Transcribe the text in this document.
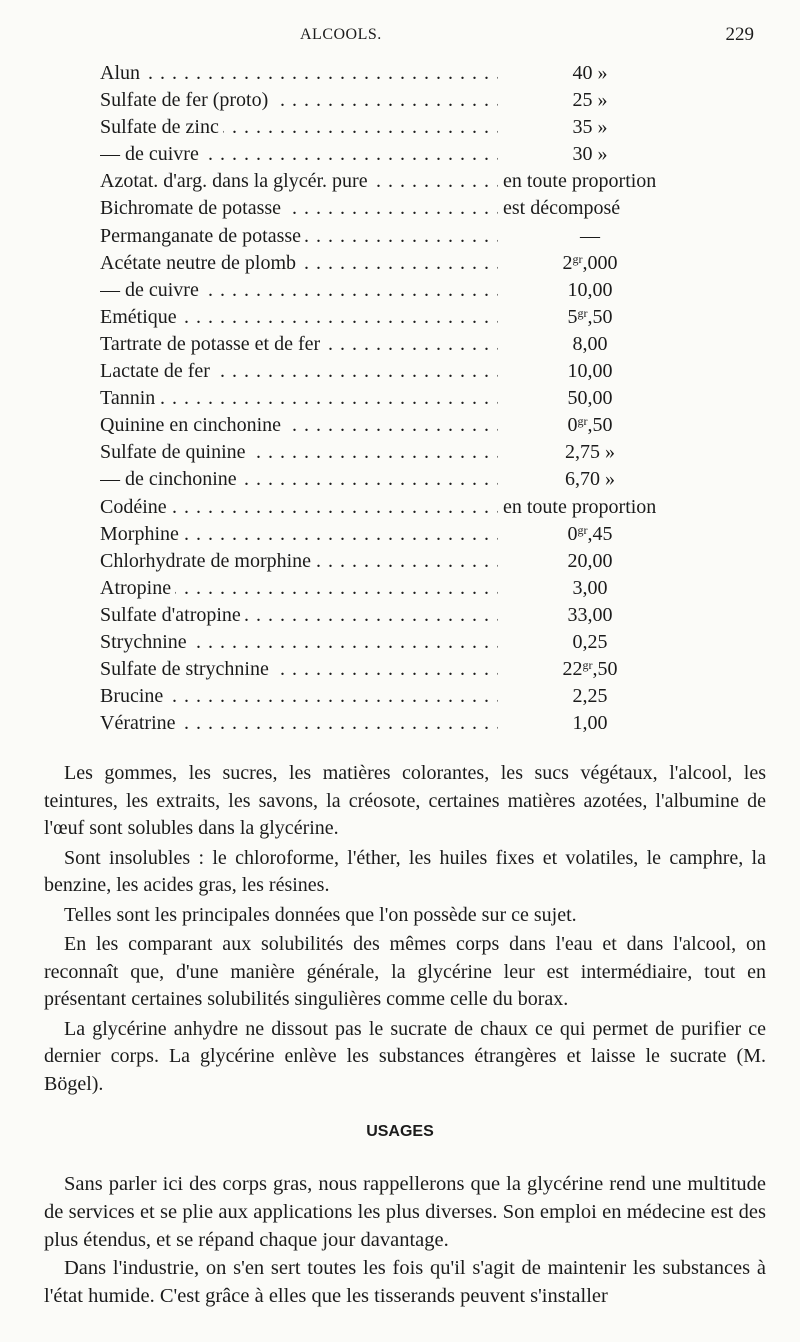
ALCOOLS.	229
Alun . . .	40 »
Sulfate de fer (proto) . . .	25 »
Sulfate de zinc . . .	35 »
— de cuivre . . .	30 »
Azotat. d'arg. dans la glycér. pure . . .	en toute proportion
Bichromate de potasse . . .	est décomposé
Permanganate de potasse . . .	—
Acétate neutre de plomb . . .	$2^{gr},000$
— de cuivre . . .	10,00
Emétique . . .	$5^{gr},50$
Tartrate de potasse et de fer . . .	8,00
Lactate de fer . . .	10,00
Tannin . . .	50,00
Quinine en cinchonine . . .	$0^{gr},50$
Sulfate de quinine . . .	2,75 »
— de cinchonine . . .	6,70 »
Codéine . . .	en toute proportion
Morphine . . .	$0^{gr},45$
Chlorhydrate de morphine . . .	20,00
Atropine . . .	3,00
Sulfate d'atropine . . .	33,00
Strychnine . . .	0,25
Sulfate de strychnine . . .	$22^{gr},50$
Brucine . . .	2,25
Vératrine . . .	1,00

Les gommes, les sucres, les matières colorantes, les sucs végétaux, l'alcool, les teintures, les extraits, les savons, la créosote, certaines matières azotées, l'albumine de l'œuf sont solubles dans la glycérine.

Sont insolubles : le chloroforme, l'éther, les huiles fixes et volatiles, le camphre, la benzine, les acides gras, les résines.

Telles sont les principales données que l'on possède sur ce sujet.

En les comparant aux solubilités des mêmes corps dans l'eau et dans l'alcool, on reconnaît que, d'une manière générale, la glycérine leur est intermédiaire, tout en présentant certaines solubilités singulières comme celle du borax.

La glycérine anhydre ne dissout pas le sucrate de chaux ce qui permet de purifier ce dernier corps. La glycérine enlève les substances étrangères et laisse le sucrate (M. Bögel).

USAGES

Sans parler ici des corps gras, nous rappellerons que la glycérine rend une multitude de services et se plie aux applications les plus diverses. Son emploi en médecine est des plus étendus, et se répand chaque jour davantage.

Dans l'industrie, on s'en sert toutes les fois qu'il s'agit de maintenir les substances à l'état humide. C'est grâce à elles que les tisserands peuvent s'installer
